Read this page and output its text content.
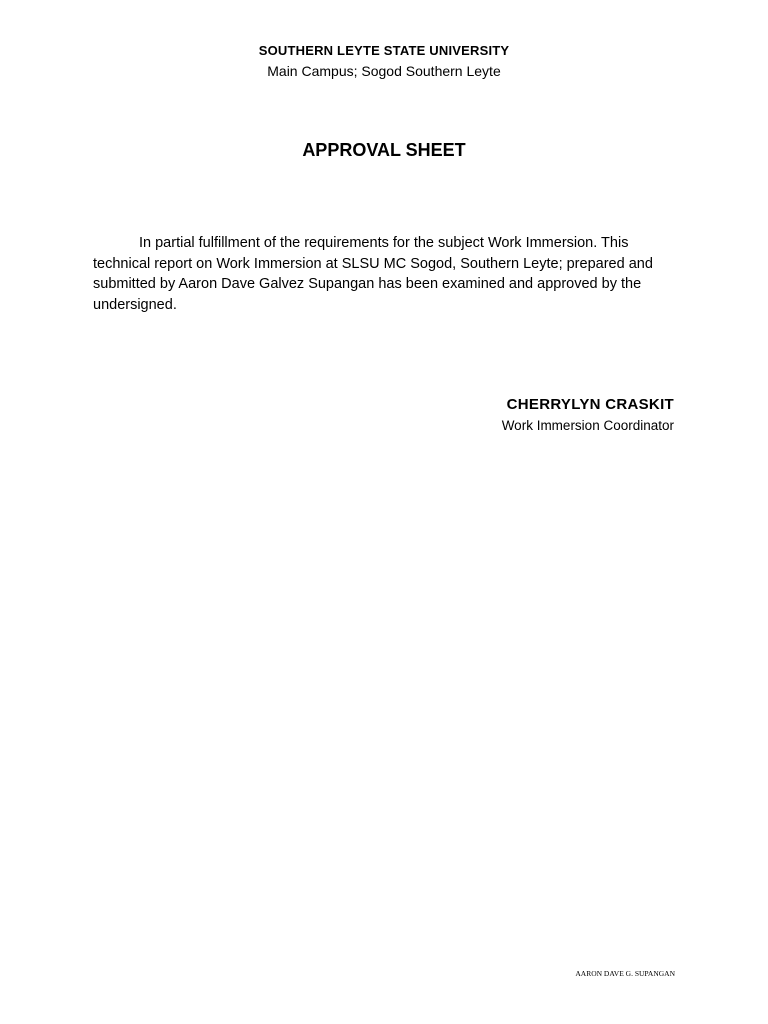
SOUTHERN LEYTE STATE UNIVERSITY
Main Campus; Sogod Southern Leyte
APPROVAL SHEET
In partial fulfillment of the requirements for the subject Work Immersion. This technical report on Work Immersion at SLSU MC Sogod, Southern Leyte; prepared and submitted by Aaron Dave Galvez Supangan has been examined and approved by the undersigned.
CHERRYLYN CRASKIT
Work Immersion Coordinator
AARON DAVE G. SUPANGAN
